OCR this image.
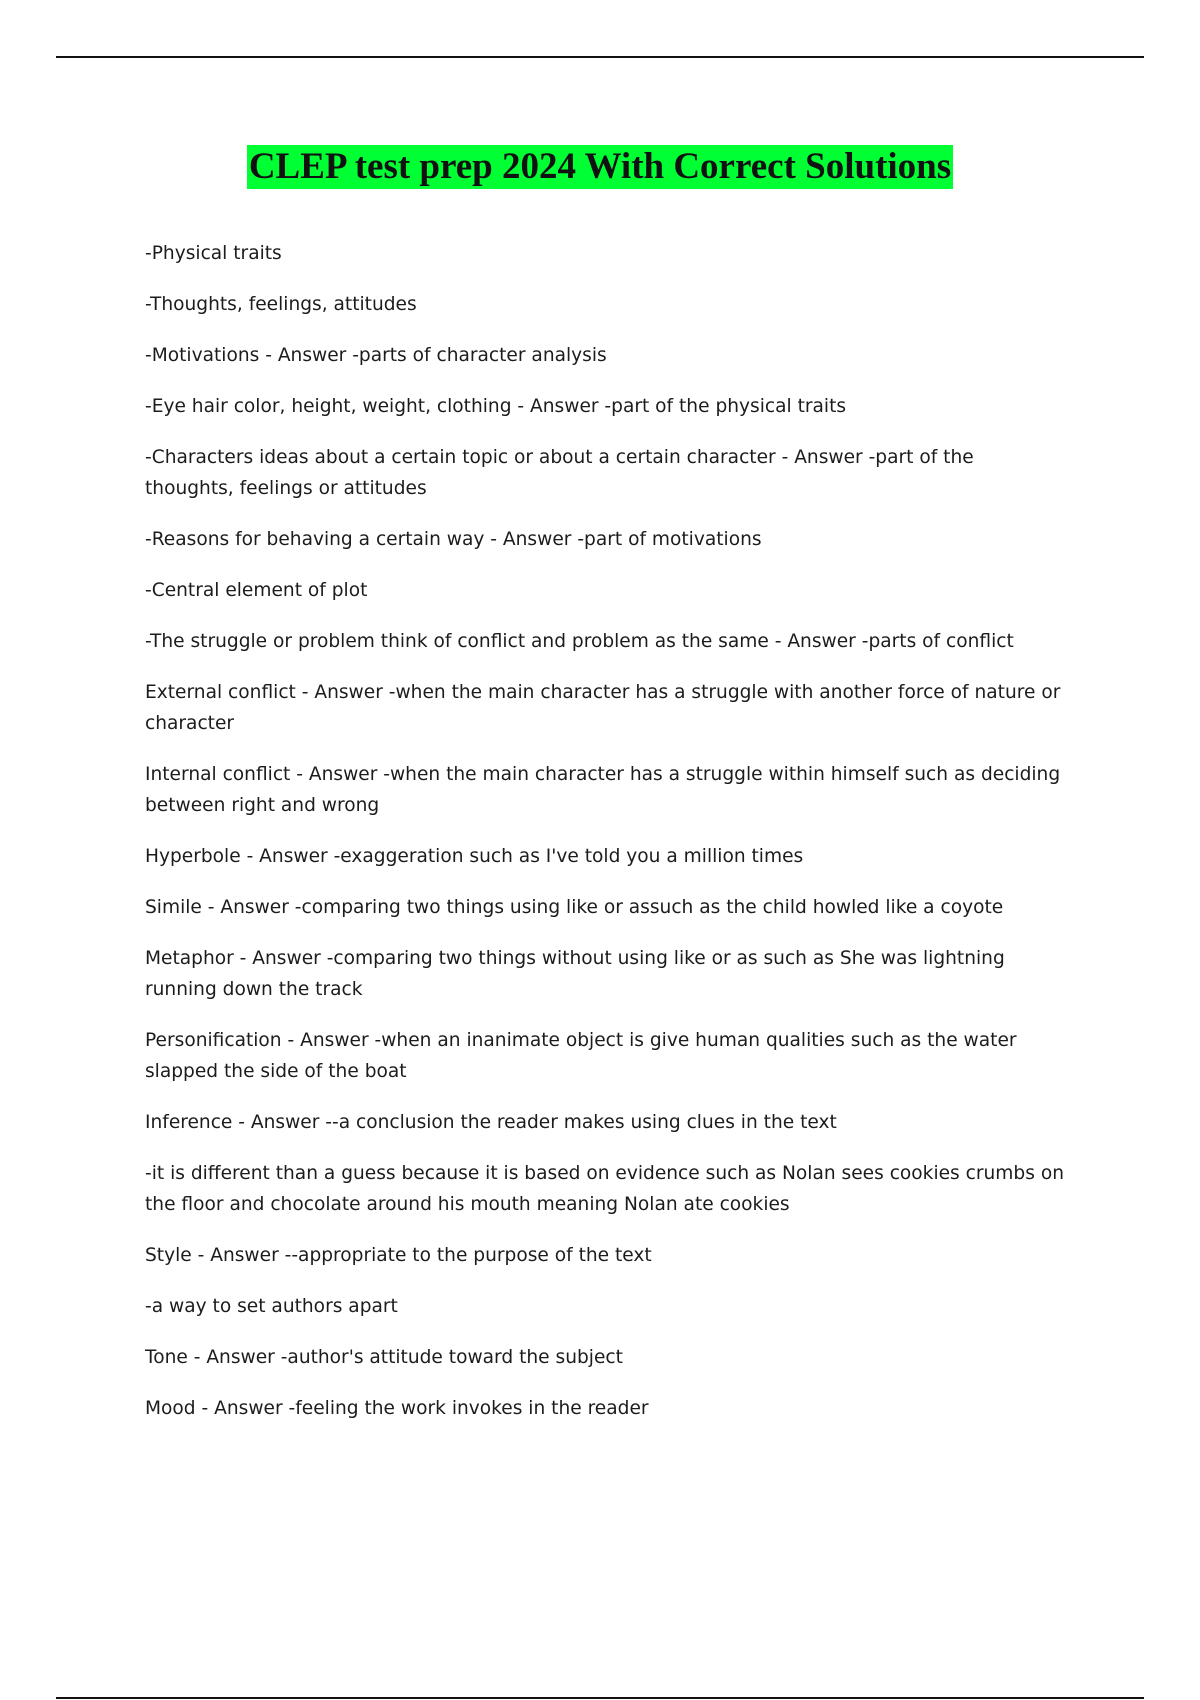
CLEP test prep 2024 With Correct Solutions

-Physical traits

-Thoughts, feelings, attitudes

-Motivations - Answer -parts of character analysis

-Eye hair color, height, weight, clothing - Answer -part of the physical traits

-Characters ideas about a certain topic or about a certain character - Answer -part of the thoughts, feelings or attitudes

-Reasons for behaving a certain way - Answer -part of motivations

-Central element of plot

-The struggle or problem think of conflict and problem as the same - Answer -parts of conflict

External conflict - Answer -when the main character has a struggle with another force of nature or character

Internal conflict - Answer -when the main character has a struggle within himself such as deciding between right and wrong

Hyperbole - Answer -exaggeration such as I've told you a million times

Simile - Answer -comparing two things using like or assuch as the child howled like a coyote

Metaphor - Answer -comparing two things without using like or as such as She was lightning running down the track

Personification - Answer -when an inanimate object is give human qualities such as the water slapped the side of the boat

Inference - Answer --a conclusion the reader makes using clues in the text

-it is different than a guess because it is based on evidence such as Nolan sees cookies crumbs on the floor and chocolate around his mouth meaning Nolan ate cookies

Style - Answer --appropriate to the purpose of the text

-a way to set authors apart

Tone - Answer -author's attitude toward the subject

Mood - Answer -feeling the work invokes in the reader
